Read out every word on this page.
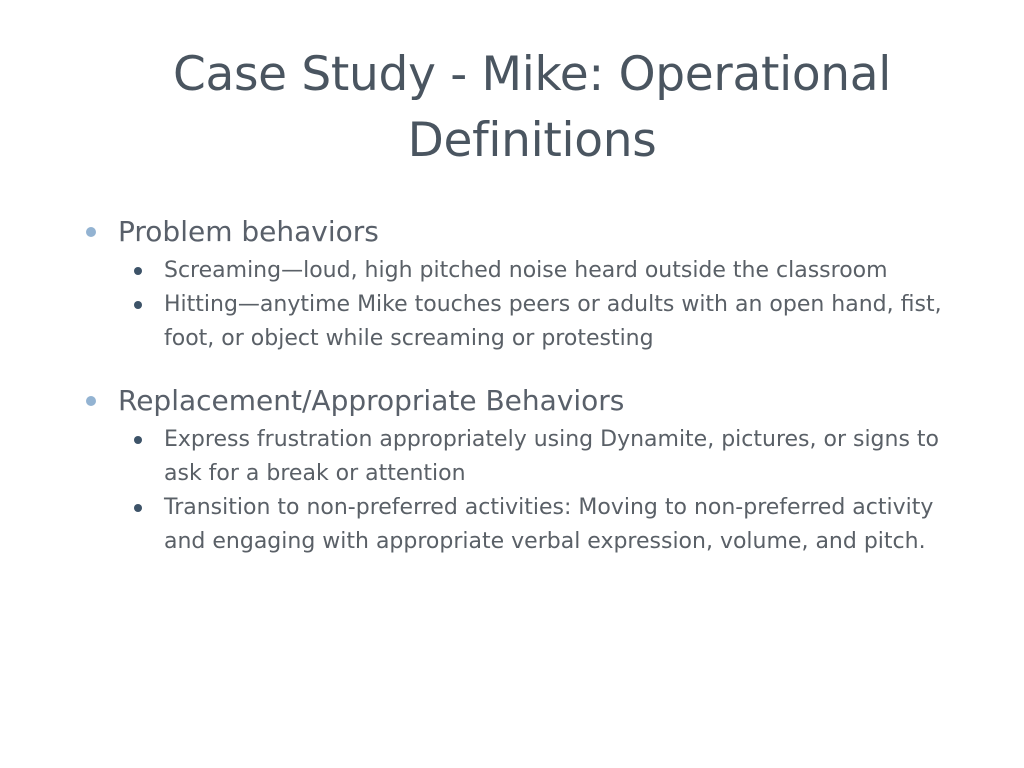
Case Study - Mike: Operational Definitions
Problem behaviors
Screaming—loud, high pitched noise heard outside the classroom
Hitting—anytime Mike touches peers or adults with an open hand, fist, foot, or object while screaming or protesting
Replacement/Appropriate Behaviors
Express frustration appropriately using Dynamite, pictures, or signs to ask for a break or attention
Transition to non-preferred activities: Moving to non-preferred activity and engaging with appropriate verbal expression, volume, and pitch.
